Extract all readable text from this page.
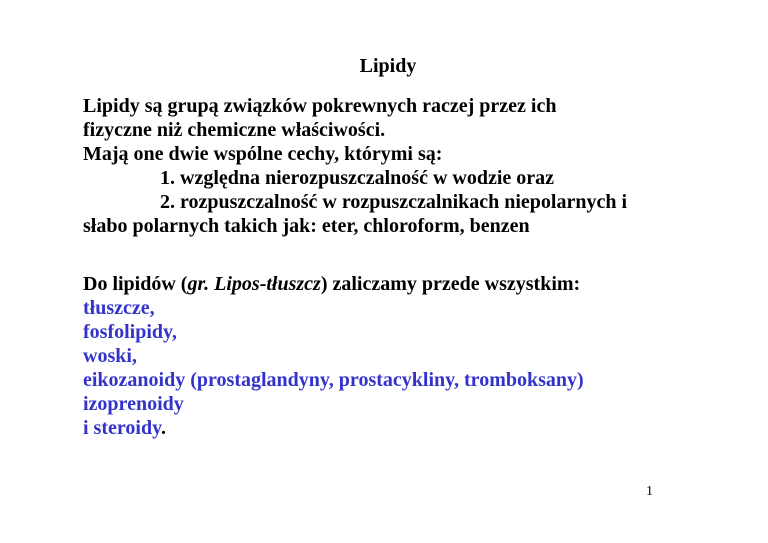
Lipidy
Lipidy są grupą związków pokrewnych raczej przez ich
fizyczne niż chemiczne właściwości.
Mają one dwie wspólne cechy, którymi są:
1. względna nierozpuszczalność w wodzie oraz
2. rozpuszczalność w rozpuszczalnikach niepolarnych i
słabo polarnych takich jak: eter, chloroform, benzen
Do lipidów (gr. Lipos-tłuszcz) zaliczamy przede wszystkim:
tłuszcze,
fosfolipidy,
woski,
eikozanoidy (prostaglandyny, prostacykliny, tromboksany)
izoprenoidy
i steroidy.
1
